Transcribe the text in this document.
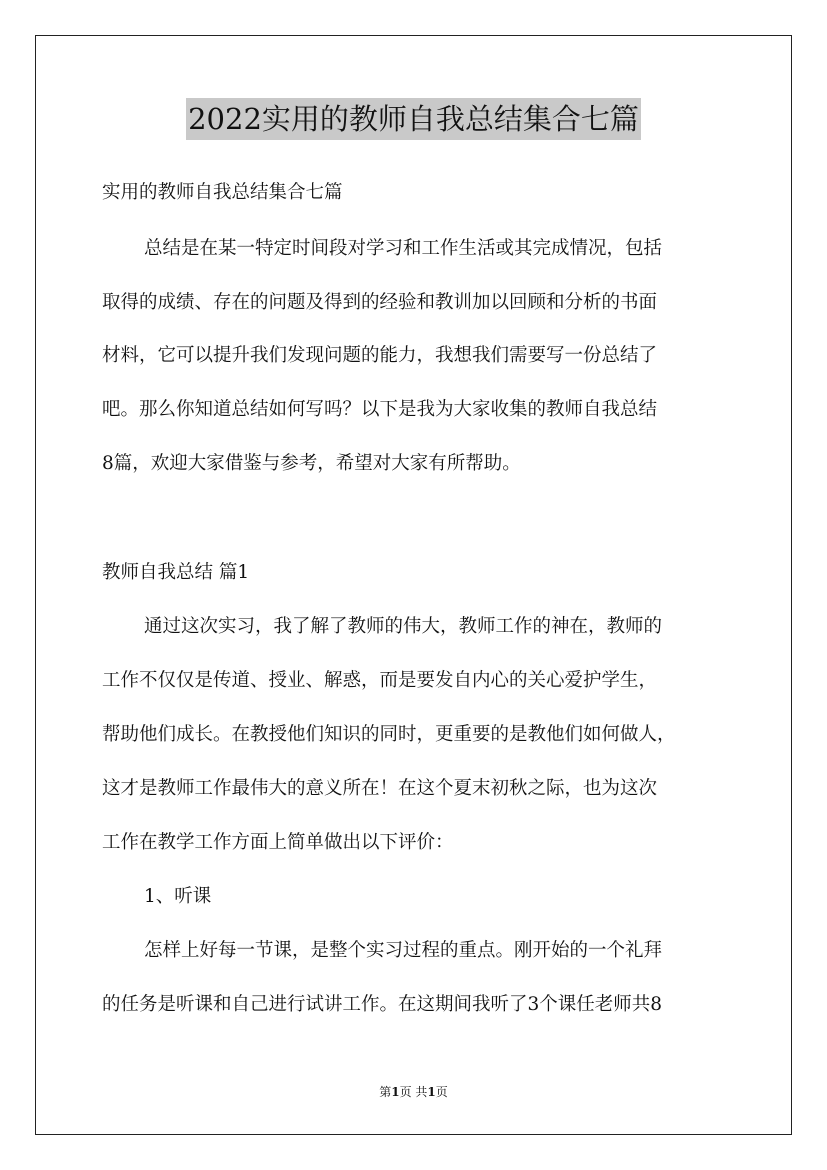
2022实用的教师自我总结集合七篇
实用的教师自我总结集合七篇
总结是在某一特定时间段对学习和工作生活或其完成情况，包括
取得的成绩、存在的问题及得到的经验和教训加以回顾和分析的书面
材料，它可以提升我们发现问题的能力，我想我们需要写一份总结了
吧。那么你知道总结如何写吗？以下是我为大家收集的教师自我总结
8篇，欢迎大家借鉴与参考，希望对大家有所帮助。
教师自我总结 篇1
通过这次实习，我了解了教师的伟大，教师工作的神在，教师的
工作不仅仅是传道、授业、解惑，而是要发自内心的关心爱护学生，
帮助他们成长。在教授他们知识的同时，更重要的是教他们如何做人，
这才是教师工作最伟大的意义所在！在这个夏末初秋之际，也为这次
工作在教学工作方面上简单做出以下评价：
1、听课
怎样上好每一节课，是整个实习过程的重点。刚开始的一个礼拜
的任务是听课和自己进行试讲工作。在这期间我听了3个课任老师共8
第1页 共1页
